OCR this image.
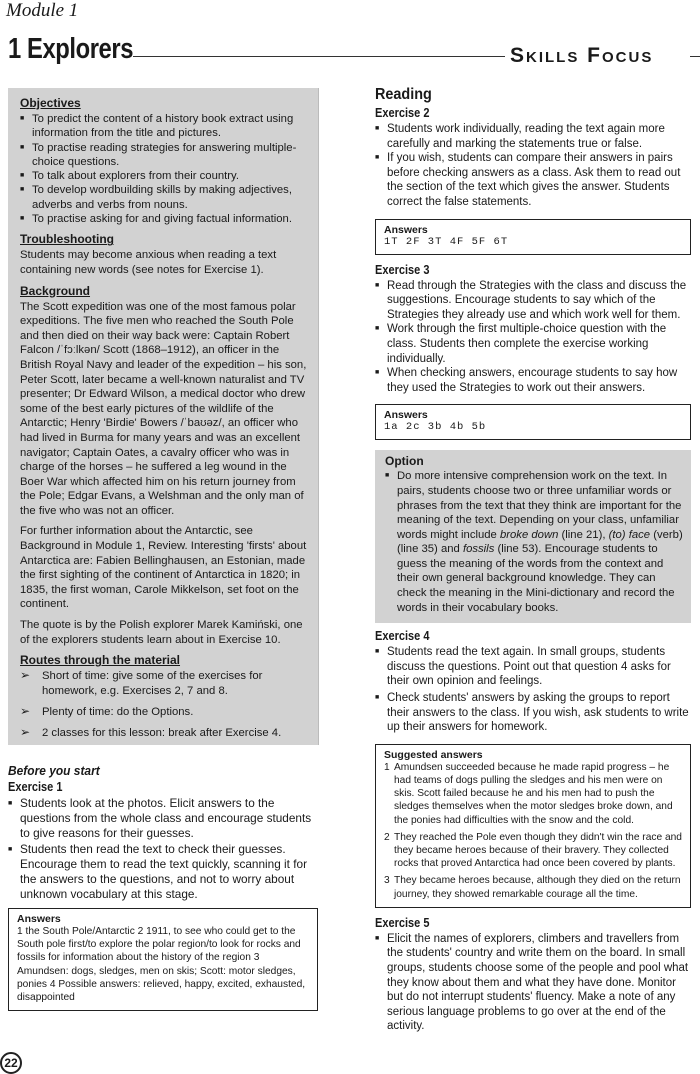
Module 1
1 Explorers	Skills Focus
Objectives
■ To predict the content of a history book extract using information from the title and pictures.
■ To practise reading strategies for answering multiple-choice questions.
■ To talk about explorers from their country.
■ To develop wordbuilding skills by making adjectives, adverbs and verbs from nouns.
■ To practise asking for and giving factual information.
Troubleshooting
Students may become anxious when reading a text containing new words (see notes for Exercise 1).
Background
The Scott expedition was one of the most famous polar expeditions. The five men who reached the South Pole and then died on their way back were: Captain Robert Falcon /ˈfɔːlkən/ Scott (1868–1912), an officer in the British Royal Navy and leader of the expedition – his son, Peter Scott, later became a well-known naturalist and TV presenter; Dr Edward Wilson, a medical doctor who drew some of the best early pictures of the wildlife of the Antarctic; Henry 'Birdie' Bowers /ˈbaʊəz/, an officer who had lived in Burma for many years and was an excellent navigator; Captain Oates, a cavalry officer who was in charge of the horses – he suffered a leg wound in the Boer War which affected him on his return journey from the Pole; Edgar Evans, a Welshman and the only man of the five who was not an officer.
For further information about the Antarctic, see Background in Module 1, Review. Interesting 'firsts' about Antarctica are: Fabien Bellinghausen, an Estonian, made the first sighting of the continent of Antarctica in 1820; in 1835, the first woman, Carole Mikkelson, set foot on the continent.
The quote is by the Polish explorer Marek Kamiński, one of the explorers students learn about in Exercise 10.
Routes through the material
➢ Short of time: give some of the exercises for homework, e.g. Exercises 2, 7 and 8.
➢ Plenty of time: do the Options.
➢ 2 classes for this lesson: break after Exercise 4.
Before you start
Exercise 1
■ Students look at the photos. Elicit answers to the questions from the whole class and encourage students to give reasons for their guesses.
■ Students then read the text to check their guesses. Encourage them to read the text quickly, scanning it for the answers to the questions, and not to worry about unknown vocabulary at this stage.
Answers
1 the South Pole/Antarctic 2 1911, to see who could get to the South pole first/to explore the polar region/to look for rocks and fossils for information about the history of the region 3 Amundsen: dogs, sledges, men on skis; Scott: motor sledges, ponies 4 Possible answers: relieved, happy, excited, exhausted, disappointed
Reading
Exercise 2
■ Students work individually, reading the text again more carefully and marking the statements true or false.
■ If you wish, students can compare their answers in pairs before checking answers as a class. Ask them to read out the section of the text which gives the answer. Students correct the false statements.
Answers
1T 2F 3T 4F 5F 6T
Exercise 3
■ Read through the Strategies with the class and discuss the suggestions. Encourage students to say which of the Strategies they already use and which work well for them.
■ Work through the first multiple-choice question with the class. Students then complete the exercise working individually.
■ When checking answers, encourage students to say how they used the Strategies to work out their answers.
Answers
1a 2c 3b 4b 5b
Option
■ Do more intensive comprehension work on the text. In pairs, students choose two or three unfamiliar words or phrases from the text that they think are important for the meaning of the text. Depending on your class, unfamiliar words might include broke down (line 21), (to) face (verb) (line 35) and fossils (line 53). Encourage students to guess the meaning of the words from the context and their own general background knowledge. They can check the meaning in the Mini-dictionary and record the words in their vocabulary books.
Exercise 4
■ Students read the text again. In small groups, students discuss the questions. Point out that question 4 asks for their own opinion and feelings.
■ Check students' answers by asking the groups to report their answers to the class. If you wish, ask students to write up their answers for homework.
Suggested answers
1 Amundsen succeeded because he made rapid progress – he had teams of dogs pulling the sledges and his men were on skis. Scott failed because he and his men had to push the sledges themselves when the motor sledges broke down, and the ponies had difficulties with the snow and the cold.
2 They reached the Pole even though they didn't win the race and they became heroes because of their bravery. They collected rocks that proved Antarctica had once been covered by plants.
3 They became heroes because, although they died on the return journey, they showed remarkable courage all the time.
Exercise 5
■ Elicit the names of explorers, climbers and travellers from the students' country and write them on the board. In small groups, students choose some of the people and pool what they know about them and what they have done. Monitor but do not interrupt students' fluency. Make a note of any serious language problems to go over at the end of the activity.
22
